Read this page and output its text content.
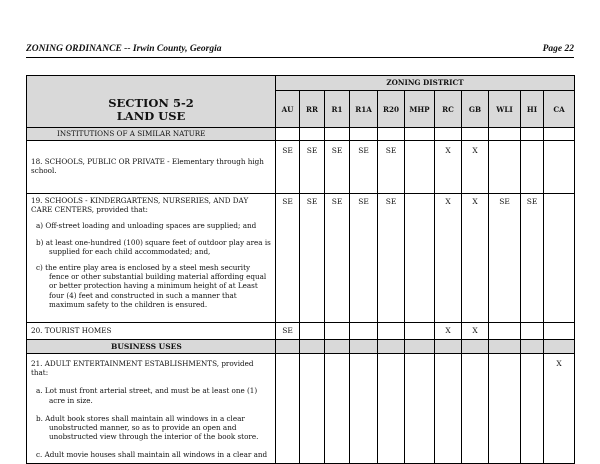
ZONING ORDINANCE -- Irwin County, Georgia	Page 22
SECTION 5-2
LAND USE	ZONING DISTRICT										
	AU	RR	R1	R1A	R20	MHP	RC	GB	WLI	HI	CA
INSTITUTIONS OF A SIMILAR NATURE											
18. SCHOOLS, PUBLIC OR PRIVATE - Elementary through high school.	SE	SE	SE	SE	SE		X	X			
19. SCHOOLS - KINDERGARTENS, NURSERIES, AND DAY CARE CENTERS, provided that:
a) Off-street loading and unloading spaces are supplied; and
b) at least one-hundred (100) square feet of outdoor play area is supplied for each child accommodated; and,
c) the entire play area is enclosed by a steel mesh security fence or other substantial building material affording equal or better protection having a minimum height of at Least four (4) feet and constructed in such a manner that maximum safety to the children is ensured.	SE	SE	SE	SE	SE		X	X	SE	SE	
20. TOURIST HOMES	SE						X	X			
BUSINESS USES											
21. ADULT ENTERTAINMENT ESTABLISHMENTS, provided that:
a. Lot must front arterial street, and must be at least one (1) acre in size.
b. Adult book stores shall maintain all windows in a clear unobstructed manner, so as to provide an open and unobstructed view through the interior of the book store.
c. Adult movie houses shall maintain all windows in a clear and											X
